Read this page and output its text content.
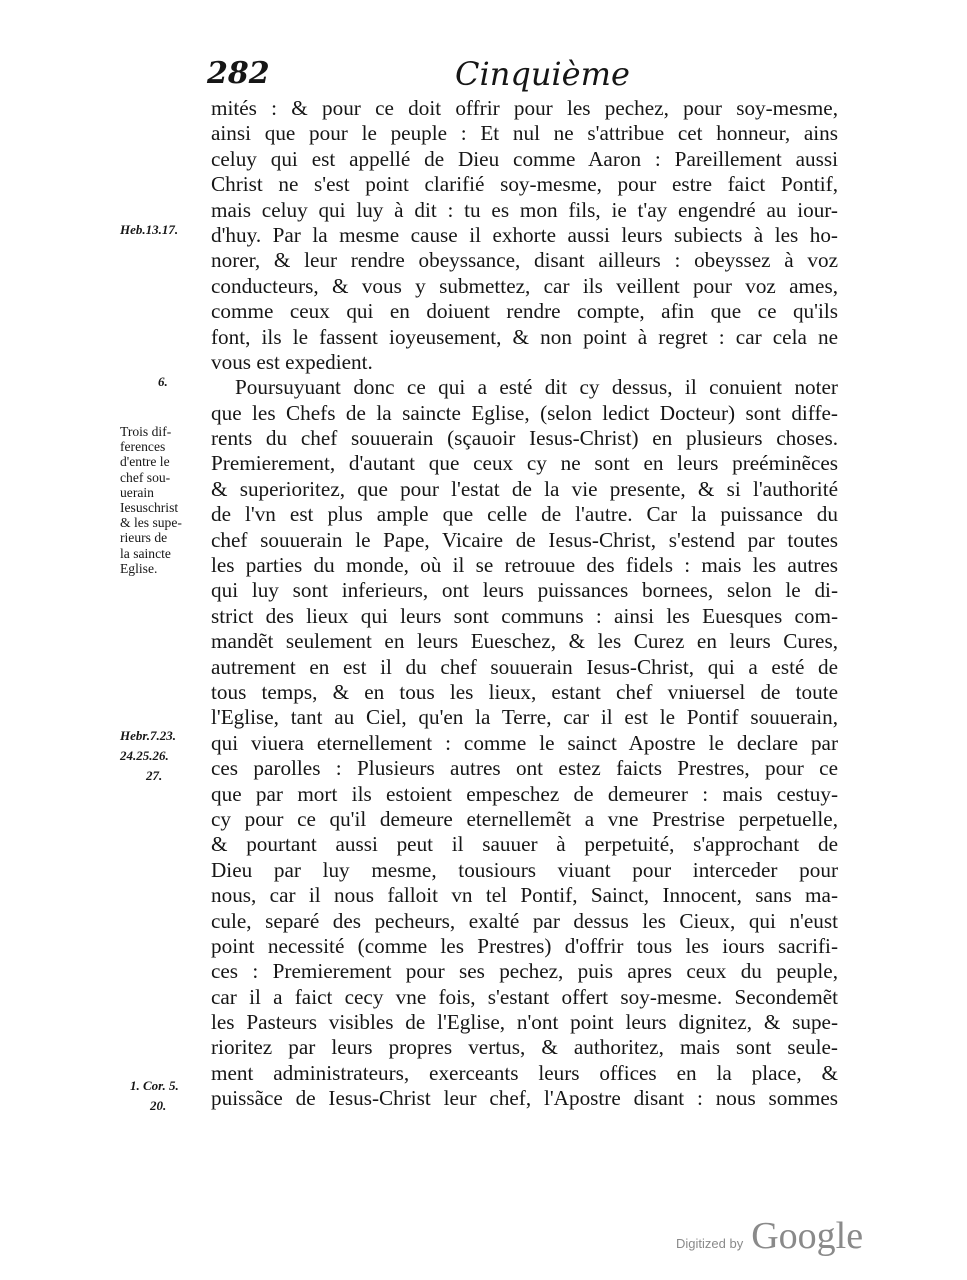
282	Cinquième
mités : & pour ce doit offrir pour les pechez, pour soy-mesme,
ainsi que pour le peuple : Et nul ne s'attribue cet honneur, ains
celuy qui est appellé de Dieu comme Aaron : Pareillement aussi
Christ ne s'est point clarifié soy-mesme, pour estre faict Pontif,
mais celuy qui luy à dit : tu es mon fils, ie t'ay engendré au iour-
d'huy. Par la mesme cause il exhorte aussi leurs subiects à les ho-
norer, & leur rendre obeyssance, disant ailleurs : obeyssez à voz
conducteurs, & vous y submettez, car ils veillent pour voz ames,
comme ceux qui en doiuent rendre compte, afin que ce qu'ils
font, ils le fassent ioyeusement, & non point à regret : car cela ne
vous est expedient.
Poursuyuant donc ce qui a esté dit cy dessus, il conuient noter
que les Chefs de la saincte Eglise, (selon ledict Docteur) sont diffe-
rents du chef souuerain (sçauoir Iesus-Christ) en plusieurs choses.
Premierement, d'autant que ceux cy ne sont en leurs preéminẽces
& superioritez, que pour l'estat de la vie presente, & si l'authorité
de l'vn est plus ample que celle de l'autre. Car la puissance du
chef souuerain le Pape, Vicaire de Iesus-Christ, s'estend par toutes
les parties du monde, où il se retrouue des fidels : mais les autres
qui luy sont inferieurs, ont leurs puissances bornees, selon le di-
strict des lieux qui leurs sont communs : ainsi les Euesques com-
mandẽt seulement en leurs Eueschez, & les Curez en leurs Cures,
autrement en est il du chef souuerain Iesus-Christ, qui a esté de
tous temps, & en tous les lieux, estant chef vniuersel de toute
l'Eglise, tant au Ciel, qu'en la Terre, car il est le Pontif souuerain,
qui viuera eternellement : comme le sainct Apostre le declare par
ces parolles : Plusieurs autres ont estez faicts Prestres, pour ce
que par mort ils estoient empeschez de demeurer : mais cestuy-
cy pour ce qu'il demeure eternellemẽt a vne Prestrise perpetuelle,
& pourtant aussi peut il sauuer à perpetuité, s'approchant de
Dieu par luy mesme, tousiours viuant pour interceder pour
nous, car il nous falloit vn tel Pontif, Sainct, Innocent, sans ma-
cule, separé des pecheurs, exalté par dessus les Cieux, qui n'eust
point necessité (comme les Prestres) d'offrir tous les iours sacrifi-
ces : Premierement pour ses pechez, puis apres ceux du peuple,
car il a faict cecy vne fois, s'estant offert soy-mesme. Secondemẽt
les Pasteurs visibles de l'Eglise, n'ont point leurs dignitez, & supe-
rioritez par leurs propres vertus, & authoritez, mais sont seule-
ment administrateurs, exerceants leurs offices en la place, &
puissãce de Iesus-Christ leur chef, l'Apostre disant : nous sommes
Heb.13.17.
6.
Trois dif-
ferences
d'entre le
chef sou-
uerain
Iesuschrist
& les supe-
rieurs de
la saincte
Eglise.
Hebr.7.23.
24.25.26.
27.
1. Cor. 5.
20.
Digitized by Google
